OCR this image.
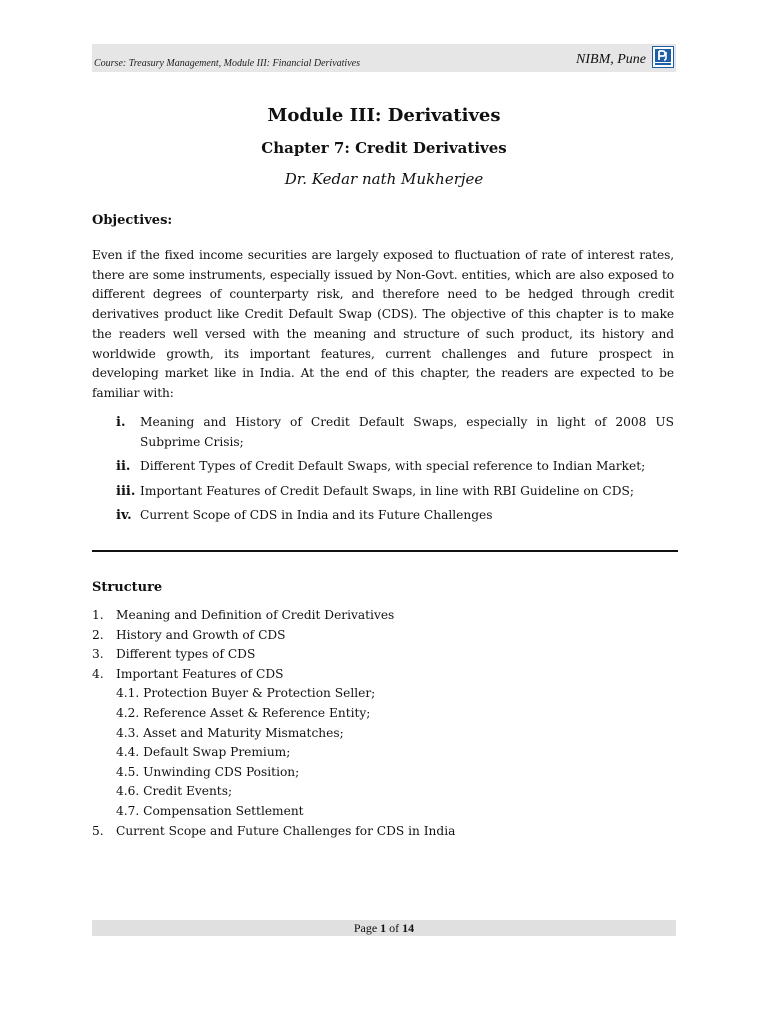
Course: Treasury Management, Module III: Financial Derivatives	NIBM, Pune
Module III: Derivatives
Chapter 7: Credit Derivatives
Dr. Kedar nath Mukherjee
Objectives:
Even if the fixed income securities are largely exposed to fluctuation of rate of interest rates, there are some instruments, especially issued by Non-Govt. entities, which are also exposed to different degrees of counterparty risk, and therefore need to be hedged through credit derivatives product like Credit Default Swap (CDS). The objective of this chapter is to make the readers well versed with the meaning and structure of such product, its history and worldwide growth, its important features, current challenges and future prospect in developing market like in India. At the end of this chapter, the readers are expected to be familiar with:
i. Meaning and History of Credit Default Swaps, especially in light of 2008 US Subprime Crisis;
ii. Different Types of Credit Default Swaps, with special reference to Indian Market;
iii. Important Features of Credit Default Swaps, in line with RBI Guideline on CDS;
iv. Current Scope of CDS in India and its Future Challenges
Structure
1. Meaning and Definition of Credit Derivatives
2. History and Growth of CDS
3. Different types of CDS
4. Important Features of CDS
4.1. Protection Buyer & Protection Seller;
4.2. Reference Asset & Reference Entity;
4.3. Asset and Maturity Mismatches;
4.4. Default Swap Premium;
4.5. Unwinding CDS Position;
4.6. Credit Events;
4.7. Compensation Settlement
5. Current Scope and Future Challenges for CDS in India
Page 1 of 14
